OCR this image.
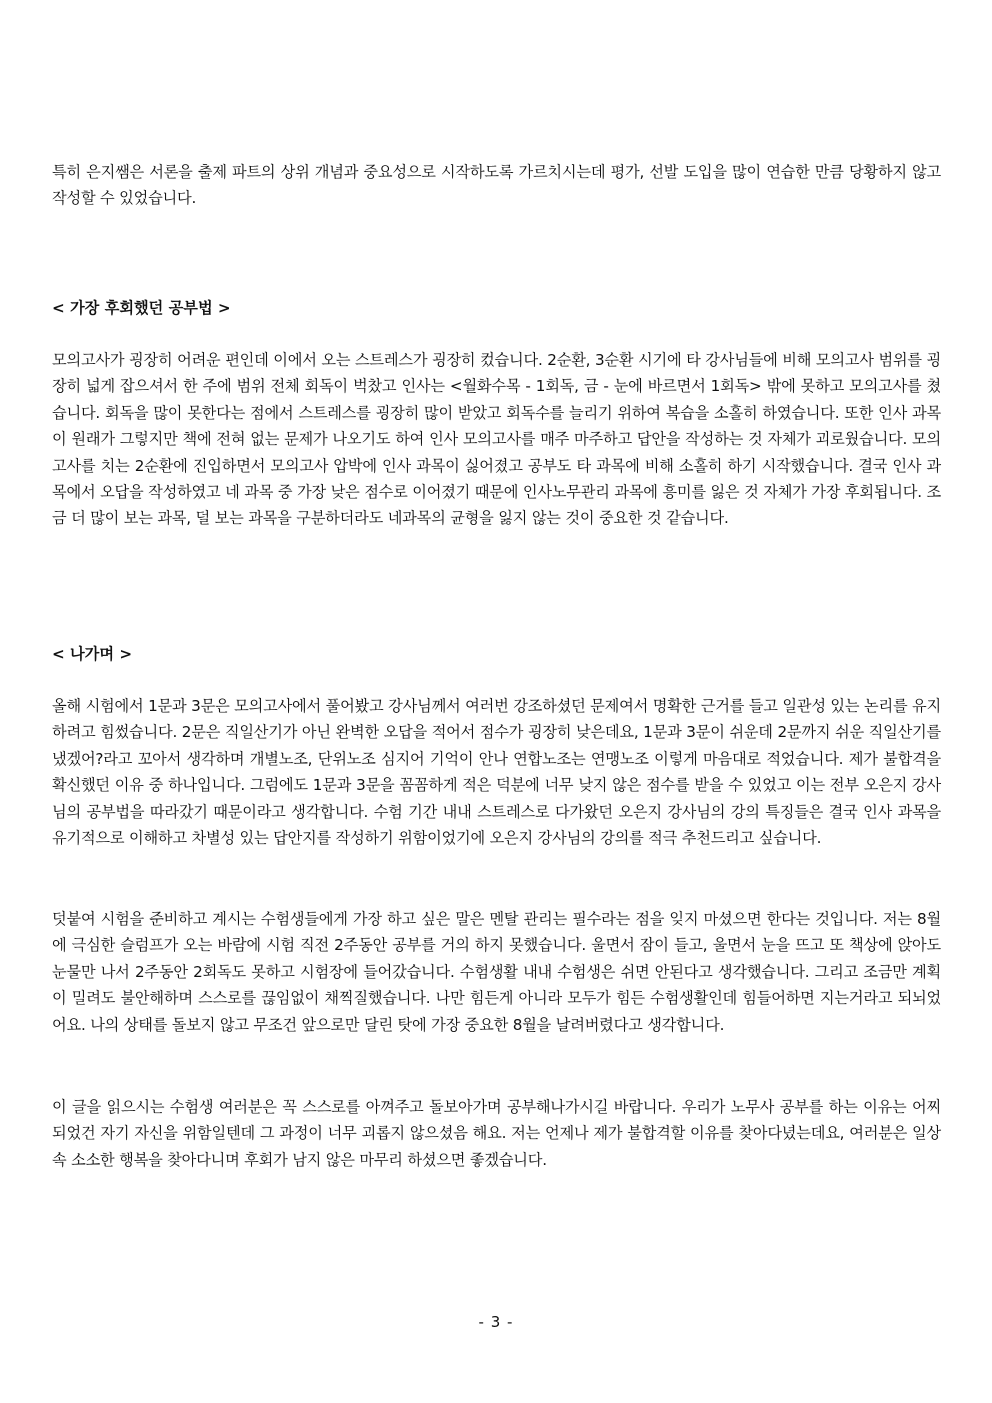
특히 은지쌤은 서론을 출제 파트의 상위 개념과 중요성으로 시작하도록 가르치시는데 평가, 선발 도입을 많이 연습한 만큼 당황하지 않고 작성할 수 있었습니다.

< 가장 후회했던 공부법 >

모의고사가 굉장히 어려운 편인데 이에서 오는 스트레스가 굉장히 컸습니다. 2순환, 3순환 시기에 타 강사님들에 비해 모의고사 범위를 굉장히 넓게 잡으셔서 한 주에 범위 전체 회독이 벅찼고 인사는 <월화수목 - 1회독, 금 - 눈에 바르면서 1회독> 밖에 못하고 모의고사를 쳤습니다. 회독을 많이 못한다는 점에서 스트레스를 굉장히 많이 받았고 회독수를 늘리기 위하여 복습을 소홀히 하였습니다. 또한 인사 과목이 원래가 그렇지만 책에 전혀 없는 문제가 나오기도 하여 인사 모의고사를 매주 마주하고 답안을 작성하는 것 자체가 괴로웠습니다. 모의고사를 치는 2순환에 진입하면서 모의고사 압박에 인사 과목이 싫어졌고 공부도 타 과목에 비해 소홀히 하기 시작했습니다. 결국 인사 과목에서 오답을 작성하였고 네 과목 중 가장 낮은 점수로 이어졌기 때문에 인사노무관리 과목에 흥미를 잃은 것 자체가 가장 후회됩니다. 조금 더 많이 보는 과목, 덜 보는 과목을 구분하더라도 네과목의 균형을 잃지 않는 것이 중요한 것 같습니다.

< 나가며 >

올해 시험에서 1문과 3문은 모의고사에서 풀어봤고 강사님께서 여러번 강조하셨던 문제여서 명확한 근거를 들고 일관성 있는 논리를 유지하려고 힘썼습니다. 2문은 직일산기가 아닌 완벽한 오답을 적어서 점수가 굉장히 낮은데요, 1문과 3문이 쉬운데 2문까지 쉬운 직일산기를 냈겠어?라고 꼬아서 생각하며 개별노조, 단위노조 심지어 기억이 안나 연합노조는 연맹노조 이렇게 마음대로 적었습니다. 제가 불합격을 확신했던 이유 중 하나입니다. 그럼에도 1문과 3문을 꼼꼼하게 적은 덕분에 너무 낮지 않은 점수를 받을 수 있었고 이는 전부 오은지 강사님의 공부법을 따라갔기 때문이라고 생각합니다. 수험 기간 내내 스트레스로 다가왔던 오은지 강사님의 강의 특징들은 결국 인사 과목을 유기적으로 이해하고 차별성 있는 답안지를 작성하기 위함이었기에 오은지 강사님의 강의를 적극 추천드리고 싶습니다.

덧붙여 시험을 준비하고 계시는 수험생들에게 가장 하고 싶은 말은 멘탈 관리는 필수라는 점을 잊지 마셨으면 한다는 것입니다. 저는 8월에 극심한 슬럼프가 오는 바람에 시험 직전 2주동안 공부를 거의 하지 못했습니다. 울면서 잠이 들고, 울면서 눈을 뜨고 또 책상에 앉아도 눈물만 나서 2주동안 2회독도 못하고 시험장에 들어갔습니다. 수험생활 내내 수험생은 쉬면 안된다고 생각했습니다. 그리고 조금만 계획이 밀려도 불안해하며 스스로를 끊임없이 채찍질했습니다. 나만 힘든게 아니라 모두가 힘든 수험생활인데 힘들어하면 지는거라고 되뇌었어요. 나의 상태를 돌보지 않고 무조건 앞으로만 달린 탓에 가장 중요한 8월을 날려버렸다고 생각합니다.

이 글을 읽으시는 수험생 여러분은 꼭 스스로를 아껴주고 돌보아가며 공부해나가시길 바랍니다. 우리가 노무사 공부를 하는 이유는 어찌되었건 자기 자신을 위함일텐데 그 과정이 너무 괴롭지 않으셨음 해요. 저는 언제나 제가 불합격할 이유를 찾아다녔는데요, 여러분은 일상 속 소소한 행복을 찾아다니며 후회가 남지 않은 마무리 하셨으면 좋겠습니다.

- 3 -
